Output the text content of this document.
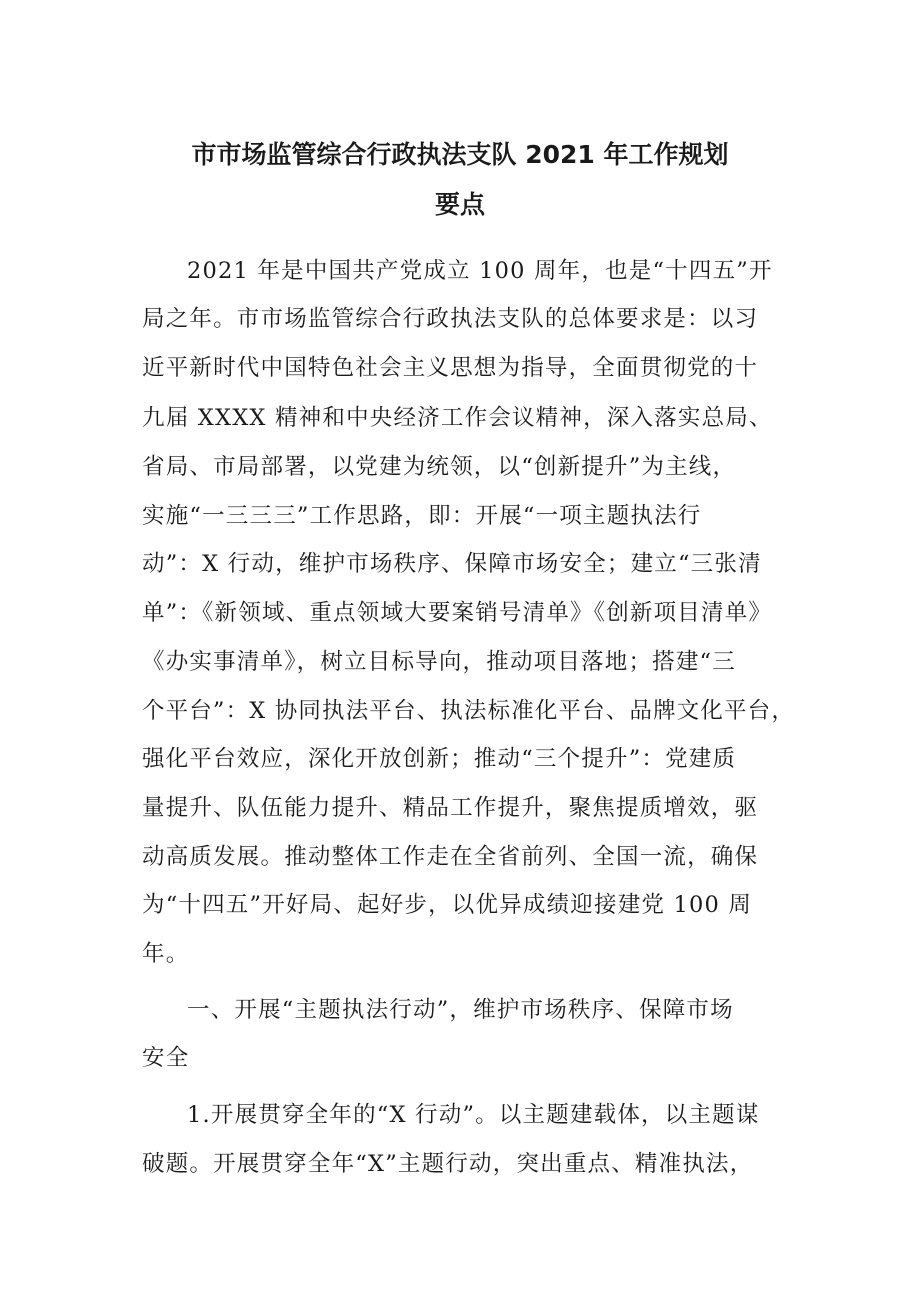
市市场监管综合行政执法支队 2021 年工作规划
要点
2021 年是中国共产党成立 100 周年，也是“十四五”开
局之年。市市场监管综合行政执法支队的总体要求是：以习
近平新时代中国特色社会主义思想为指导，全面贯彻党的十
九届 XXXX 精神和中央经济工作会议精神，深入落实总局、
省局、市局部署，以党建为统领，以“创新提升”为主线，
实施“一三三三”工作思路，即：开展“一项主题执法行
动”：X 行动，维护市场秩序、保障市场安全；建立“三张清
单”：《新领域、重点领域大要案销号清单》《创新项目清单》
《办实事清单》，树立目标导向，推动项目落地；搭建“三
个平台”：X 协同执法平台、执法标准化平台、品牌文化平台，
强化平台效应，深化开放创新；推动“三个提升”：党建质
量提升、队伍能力提升、精品工作提升，聚焦提质增效，驱
动高质发展。推动整体工作走在全省前列、全国一流，确保
为“十四五”开好局、起好步，以优异成绩迎接建党 100 周
年。
一、开展“主题执法行动”，维护市场秩序、保障市场
安全
1.开展贯穿全年的“X 行动”。以主题建载体，以主题谋
破题。开展贯穿全年“X”主题行动，突出重点、精准执法，
